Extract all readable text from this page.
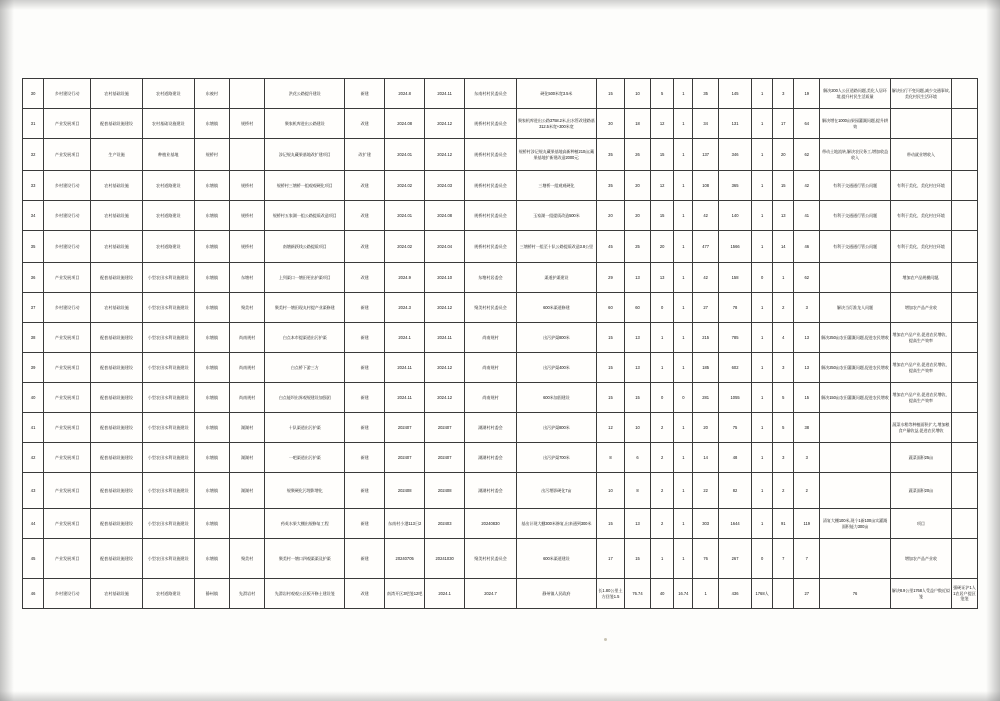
30	乡村建设行动	农村基础设施	农村道路建设	东被村		洪花公路提升建设	新建	2024.8	2024.11	东南村村民委员会	硬化500米宽3.5米	15	10	5	1	35	145	1	3	19	解决200人公区道路问题,美化人居环境,提升村民生活质量	解决出行不变问题,减少交通事故,美化村民生活环境	
31	产业发展项目	配套基础设施建设	农村基础设施建设	东塘镇	规桥村	聚家机库进出公路建设	改建	2024.08	2024.12	规桥村村民委员会	聚家机库进出公路3758.2米,出水管改建路基312.5米宽+300米宽	30	18	12	1	34	131	1	17	64	解决增在1000亩果园灌溉问题,提升耕效		
32	产业发展项目	生产设施	种植业基地	规桥村		涉记规丸藏果基地改扩建项目	改扩建	2024.01	2024.12	规桥村村民委员会	规桥村涉记规丸藏果基地高新种植210亩;藏果基地扩新建改造2000元;	35	26	15	1	137	346	1	20	62	带动土地流转,解决农民务工,增加收益收入	带动就业增收入	
33	乡村建设行动	农村基础设施	农村道路建设	东塘镇	规桥村	规桥村三塘桥一组观观硬化项目	改建	2024.02	2024.03	规桥村村民委员会	三塘桥一组观观硬化	35	20	12	1	108	365	1	15	42	有利于交通通行管公问题	有利于美化、美化村庄环境	
34	乡村建设行动	农村基础设施	农村道路建设	东塘镇	规桥村	规桥村五家湖一组公路提质改造项目	改建	2024.01	2024.08	规桥村村民委员会	玉家湖一组提质改造500米	20	20	15	1	42	140	1	13	41	有利于交通通行管公问题	有利于美化、美化村庄环境	
35	乡村建设行动	农村基础设施	农村道路建设	东塘镇	规桥村	南塘新跃线公路提质项目	改建	2024.02	2024.04	规桥村村民委员会	三塘桥村一组至十队公路提质改造3.8公里	45	25	20	1	477	1566	1	14	46	有利于交通通行管公问题	有利于美化、美化村庄环境	
36	产业发展项目	配套基础设施建设	小型农田水利设施建设	东塘镇	东塘村	上列渠口一塘田更出护渠项目	改建	2024.9	2024.10	东塘村居委会	渠道护渠建设	29	13	13	1	42	158	0	1	62		增加农产品规模问题,	
37	乡村建设行动	农村基础设施	小型农田水利设施建设	东塘镇	聚美村	聚美村一塘田现丸村提产业渠修建	新建	2024.3	2024.12	聚美村村民委员会	600米渠道修建	60	60	0	1	27	78	1	2	3	解决当灯淮龙人问题	增加农产品产业收	
38	产业发展项目	配套基础设施建设	小型农田水利设施建设	东塘镇	尚南规村	白点本市提渠道出污护渠	新建	2024.1	2024.11	尚南规村	出污护渠800米	15	13	1	1	215	785	1	4	13	解决250亩农田灌溉问题,促进农民增收	增加农产品产业,促进农民增收、提高生产效率	
39	产业发展项目	配套基础设施建设	小型农田水利设施建设	东塘镇	尚南规村	白点桥下游三方	新建	2024.11	2024.12	尚南规村	出污护渠400米	15	13	1	1	185	602	1	3	13	解决250亩农田灌溉问题,促进农民增收	增加农产品产业,促进农民增收、提高生产效率	
40	产业发展项目	配套基础设施建设	小型农田水利设施建设	东塘镇	尚南规村	白点能坝出界观规建设加强团	新建	2024.11	2024.12	尚南规村	600米加固建设	15	15	0	0	281	1055	1	5	15	解决150亩农田灌溉问题,促进农民增收	增加农产品产业,促进农民增收、提高生产效率	
41	产业发展项目	配套基础设施建设	小型农田水利设施建设	东塘镇	湖湖村	十队渠道出污护渠	新建	202407	202407	湖湖村村委会	出污护渠800米	12	10	2	1	20	75	1	5	38		蔬菜水稻等种植面积扩大,增加粮食产量收益,促进农民增收	
42	产业发展项目	配套基础设施建设	小型农田水利设施建设	东塘镇	湖湖村	一吧渠道出污护渠	新建	202407	202407	湖湖村村委会	出污护渠700米	8	6	2	1	14	48	1	3	3		蔬菜面积25亩	
43	产业发展项目	配套基础设施建设	小型农田水利设施建设	东塘镇	湖湖村	规聚硬化污埋影增化	新建	202408	202408	湖湖村村委会	出污埋影硬化7亩	10	8	2	1	22	82	1	2	2		蔬菜面积20亩	
44	产业发展项目	配套基础设施建设	小型农田水利设施建设	东塘镇		药英水果大棚出规修复工程	新建	东南村小港113日2	202403	20240830	基出计现大棚300米修复,出来通到300米	15	13	2	1	303	1644	1	91	119	清复大棚100米,现个1新100亩实灌溉面积能力300亩	项目	
45	产业发展项目	配套基础设施建设	小型农田水利设施建设	东塘镇	聚美村	聚美村一塘口四观渠渠及护渠	新建	20240705	20241030	聚美村村民委员会	600米渠道建设	17	15	1	1	76	267	0	7	7		增加农产品产业收	
46	乡村建设行动	农村基础设施	农村道路建设	静州镇	先滑岩村	先滑岩村观观公区板开修土建设笼	改建	南湾开区3吧笼12吧	2024.1	2024.7	静州镇人民政府	长1.80公里土方回笼1.5	76.74	40	16.74	1	436	1768人		27	76	解决8.9公里1768人受益户数近似笼	强硬证沪1人1农居户提区笼笼
